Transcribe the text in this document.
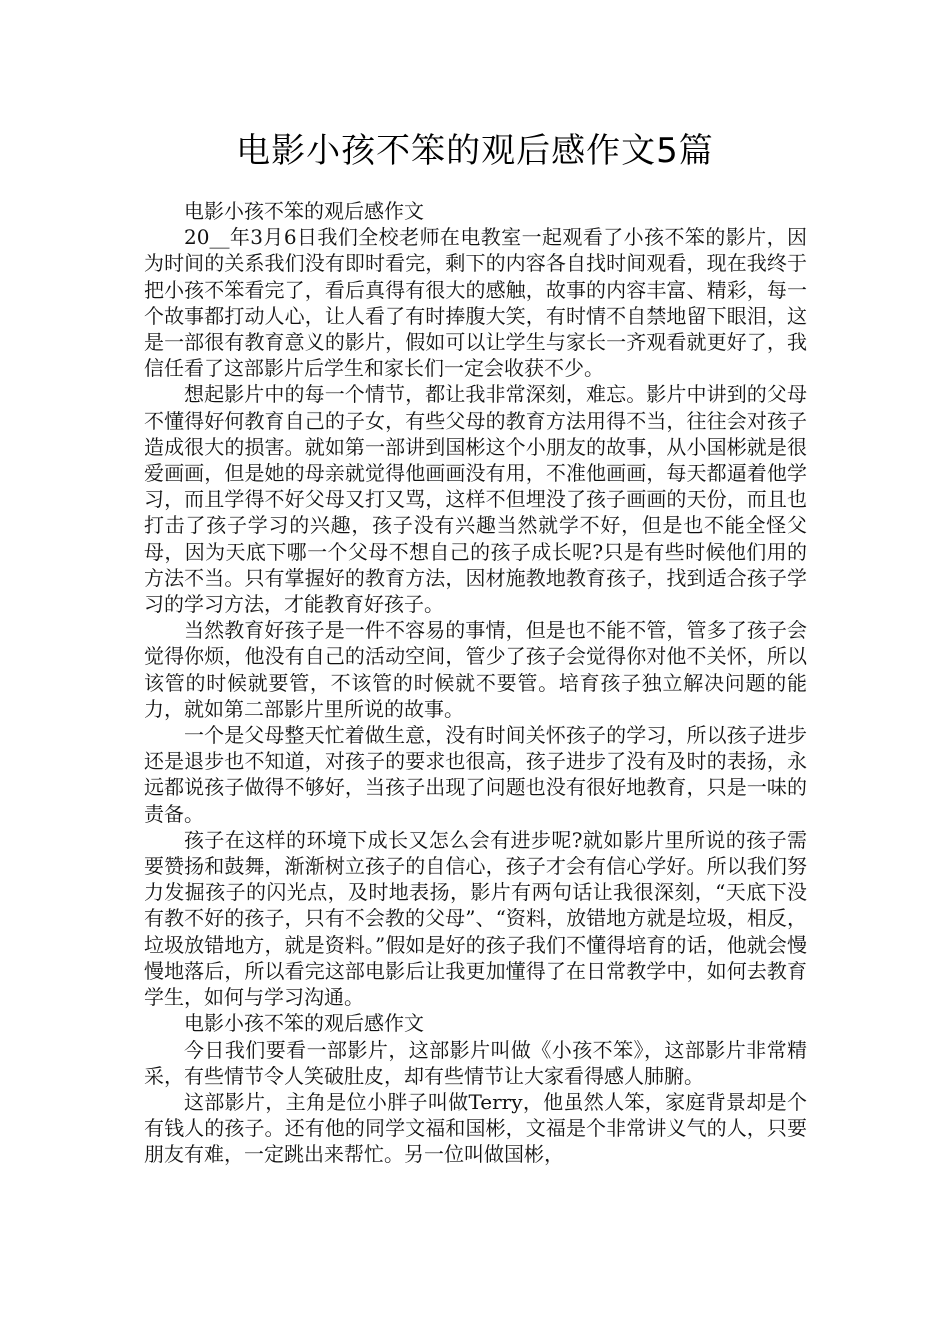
电影小孩不笨的观后感作文5篇

电影小孩不笨的观后感作文

20__年3月6日我们全校老师在电教室一起观看了小孩不笨的影片，因为时间的关系我们没有即时看完，剩下的内容各自找时间观看，现在我终于把小孩不笨看完了，看后真得有很大的感触，故事的内容丰富、精彩，每一个故事都打动人心，让人看了有时捧腹大笑，有时情不自禁地留下眼泪，这是一部很有教育意义的影片，假如可以让学生与家长一齐观看就更好了，我信任看了这部影片后学生和家长们一定会收获不少。

想起影片中的每一个情节，都让我非常深刻，难忘。影片中讲到的父母不懂得好何教育自己的子女，有些父母的教育方法用得不当，往往会对孩子造成很大的损害。就如第一部讲到国彬这个小朋友的故事，从小国彬就是很爱画画，但是她的母亲就觉得他画画没有用，不准他画画，每天都逼着他学习，而且学得不好父母又打又骂，这样不但埋没了孩子画画的天份，而且也打击了孩子学习的兴趣，孩子没有兴趣当然就学不好，但是也不能全怪父母，因为天底下哪一个父母不想自己的孩子成长呢?只是有些时候他们用的方法不当。只有掌握好的教育方法，因材施教地教育孩子，找到适合孩子学习的学习方法，才能教育好孩子。

当然教育好孩子是一件不容易的事情，但是也不能不管，管多了孩子会觉得你烦，他没有自己的活动空间，管少了孩子会觉得你对他不关怀，所以该管的时候就要管，不该管的时候就不要管。培育孩子独立解决问题的能力，就如第二部影片里所说的故事。

一个是父母整天忙着做生意，没有时间关怀孩子的学习，所以孩子进步还是退步也不知道，对孩子的要求也很高，孩子进步了没有及时的表扬，永远都说孩子做得不够好，当孩子出现了问题也没有很好地教育，只是一味的责备。

孩子在这样的环境下成长又怎么会有进步呢?就如影片里所说的孩子需要赞扬和鼓舞，渐渐树立孩子的自信心，孩子才会有信心学好。所以我们努力发掘孩子的闪光点，及时地表扬，影片有两句话让我很深刻，“天底下没有教不好的孩子，只有不会教的父母”、“资料，放错地方就是垃圾，相反，垃圾放错地方，就是资料。”假如是好的孩子我们不懂得培育的话，他就会慢慢地落后，所以看完这部电影后让我更加懂得了在日常教学中，如何去教育学生，如何与学习沟通。

电影小孩不笨的观后感作文

今日我们要看一部影片，这部影片叫做《小孩不笨》，这部影片非常精采，有些情节令人笑破肚皮，却有些情节让大家看得感人肺腑。

这部影片，主角是位小胖子叫做Terry，他虽然人笨，家庭背景却是个有钱人的孩子。还有他的同学文福和国彬，文福是个非常讲义气的人，只要朋友有难，一定跳出来帮忙。另一位叫做国彬，
